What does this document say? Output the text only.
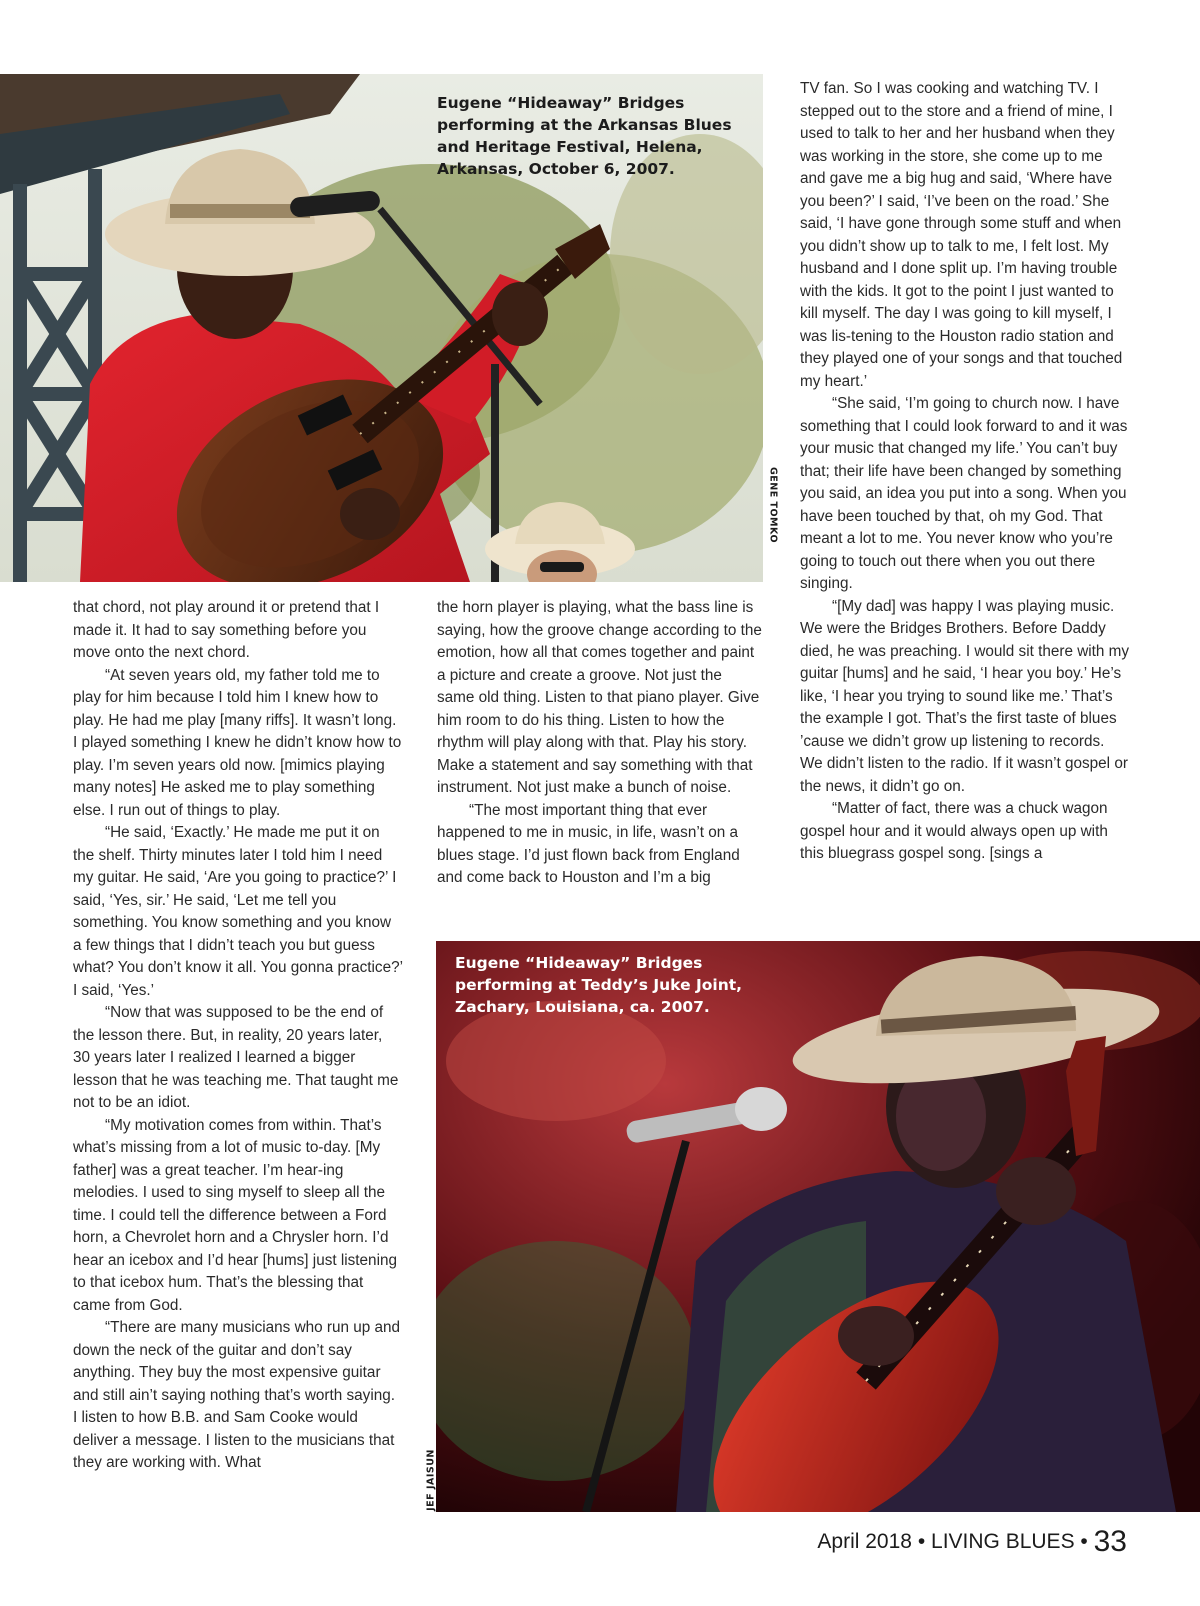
Eugene “Hideaway” Bridges performing at the Arkansas Blues and Heritage Festival, Helena, Arkansas, October 6, 2007.

GENE TOMKO

Eugene “Hideaway” Bridges performing at Teddy’s Juke Joint, Zachary, Louisiana, ca. 2007.

JEF JAISUN

that chord, not play around it or pretend that I made it. It had to say something before you move onto the next chord.

“At seven years old, my father told me to play for him because I told him I knew how to play. He had me play [many riffs]. It wasn’t long. I played something I knew he didn’t know how to play. I’m seven years old now. [mimics playing many notes] He asked me to play something else. I run out of things to play.

“He said, ‘Exactly.’ He made me put it on the shelf. Thirty minutes later I told him I need my guitar. He said, ‘Are you going to practice?’ I said, ‘Yes, sir.’ He said, ‘Let me tell you something. You know something and you know a few things that I didn’t teach you but guess what? You don’t know it all. You gonna practice?’ I said, ‘Yes.’

“Now that was supposed to be the end of the lesson there. But, in reality, 20 years later, 30 years later I realized I learned a bigger lesson that he was teaching me. That taught me not to be an idiot.

“My motivation comes from within. That’s what’s missing from a lot of music to-day. [My father] was a great teacher. I’m hear-ing melodies. I used to sing myself to sleep all the time. I could tell the difference between a Ford horn, a Chevrolet horn and a Chrysler horn. I’d hear an icebox and I’d hear [hums] just listening to that icebox hum. That’s the blessing that came from God.

“There are many musicians who run up and down the neck of the guitar and don’t say anything. They buy the most expensive guitar and still ain’t saying nothing that’s worth saying. I listen to how B.B. and Sam Cooke would deliver a message. I listen to the musicians that they are working with. What

the horn player is playing, what the bass line is saying, how the groove change according to the emotion, how all that comes together and paint a picture and create a groove. Not just the same old thing. Listen to that piano player. Give him room to do his thing. Listen to how the rhythm will play along with that. Play his story. Make a statement and say something with that instrument. Not just make a bunch of noise.

“The most important thing that ever happened to me in music, in life, wasn’t on a blues stage. I’d just flown back from England and come back to Houston and I’m a big

TV fan. So I was cooking and watching TV. I stepped out to the store and a friend of mine, I used to talk to her and her husband when they was working in the store, she come up to me and gave me a big hug and said, ‘Where have you been?’ I said, ‘I’ve been on the road.’ She said, ‘I have gone through some stuff and when you didn’t show up to talk to me, I felt lost. My husband and I done split up. I’m having trouble with the kids. It got to the point I just wanted to kill myself. The day I was going to kill myself, I was lis-tening to the Houston radio station and they played one of your songs and that touched my heart.’

“She said, ‘I’m going to church now. I have something that I could look forward to and it was your music that changed my life.’ You can’t buy that; their life have been changed by something you said, an idea you put into a song. When you have been touched by that, oh my God. That meant a lot to me. You never know who you’re going to touch out there when you out there singing.

“[My dad] was happy I was playing music. We were the Bridges Brothers. Before Daddy died, he was preaching. I would sit there with my guitar [hums] and he said, ‘I hear you boy.’ He’s like, ‘I hear you trying to sound like me.’ That’s the example I got. That’s the first taste of blues ’cause we didn’t grow up listening to records. We didn’t listen to the radio. If it wasn’t gospel or the news, it didn’t go on.

“Matter of fact, there was a chuck wagon gospel hour and it would always open up with this bluegrass gospel song. [sings a

April 2018 • LIVING BLUES • 33
